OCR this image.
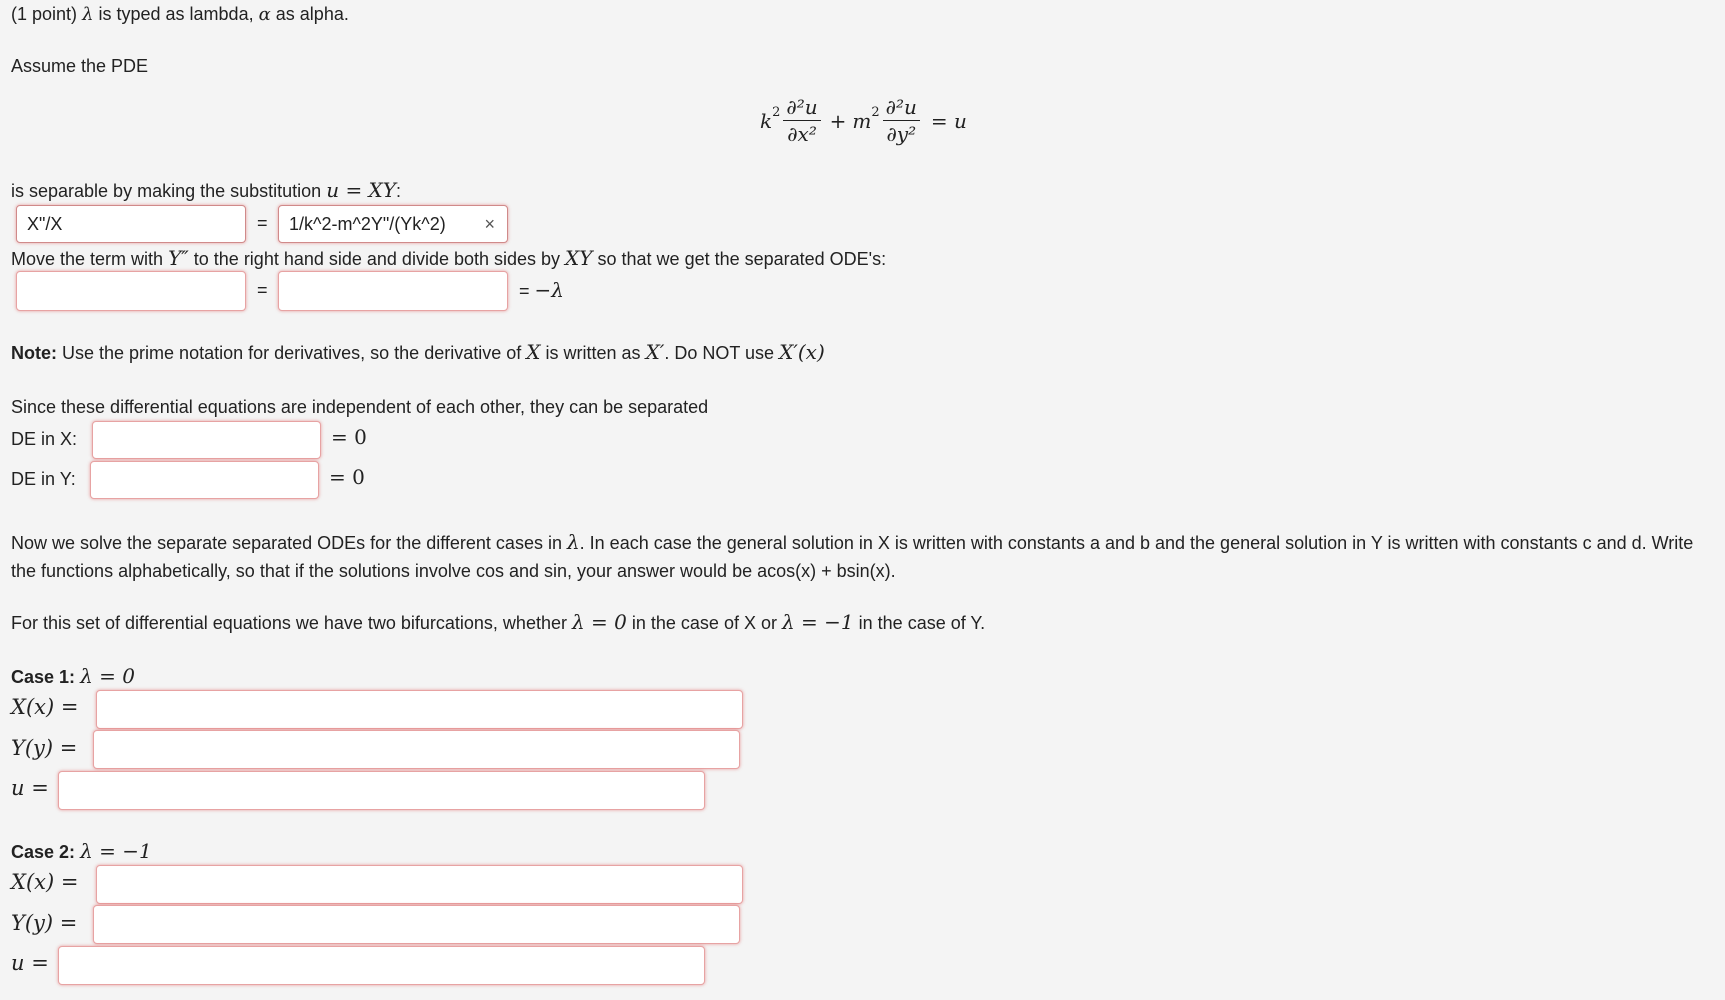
(1 point) λ is typed as lambda, α as alpha.
Assume the PDE
$k^2 \frac{\text{∂²u}}{\text{∂x²}} + m^2 \frac{\text{∂²u}}{\text{∂y²}} = u$
is separable by making the substitution u = XY:
X"/X	=	1/k^2-m^2Y"/(Yk^2) ×
Move the term with Y″ to the right hand side and divide both sides by XY so that we get the separated ODE's:
=	= −λ
Note: Use the prime notation for derivatives, so the derivative of X is written as X′. Do NOT use X′(x)
Since these differential equations are independent of each other, they can be separated
DE in X:	= 0
DE in Y:	= 0
Now we solve the separate separated ODEs for the different cases in λ. In each case the general solution in X is written with constants a and b and the general solution in Y is written with constants c and d. Write the functions alphabetically, so that if the solutions involve cos and sin, your answer would be acos(x) + bsin(x).
For this set of differential equations we have two bifurcations, whether λ = 0 in the case of X or λ = −1 in the case of Y.
Case 1: λ = 0
X(x) =
Y(y) =
u =
Case 2: λ = −1
X(x) =
Y(y) =
u =
